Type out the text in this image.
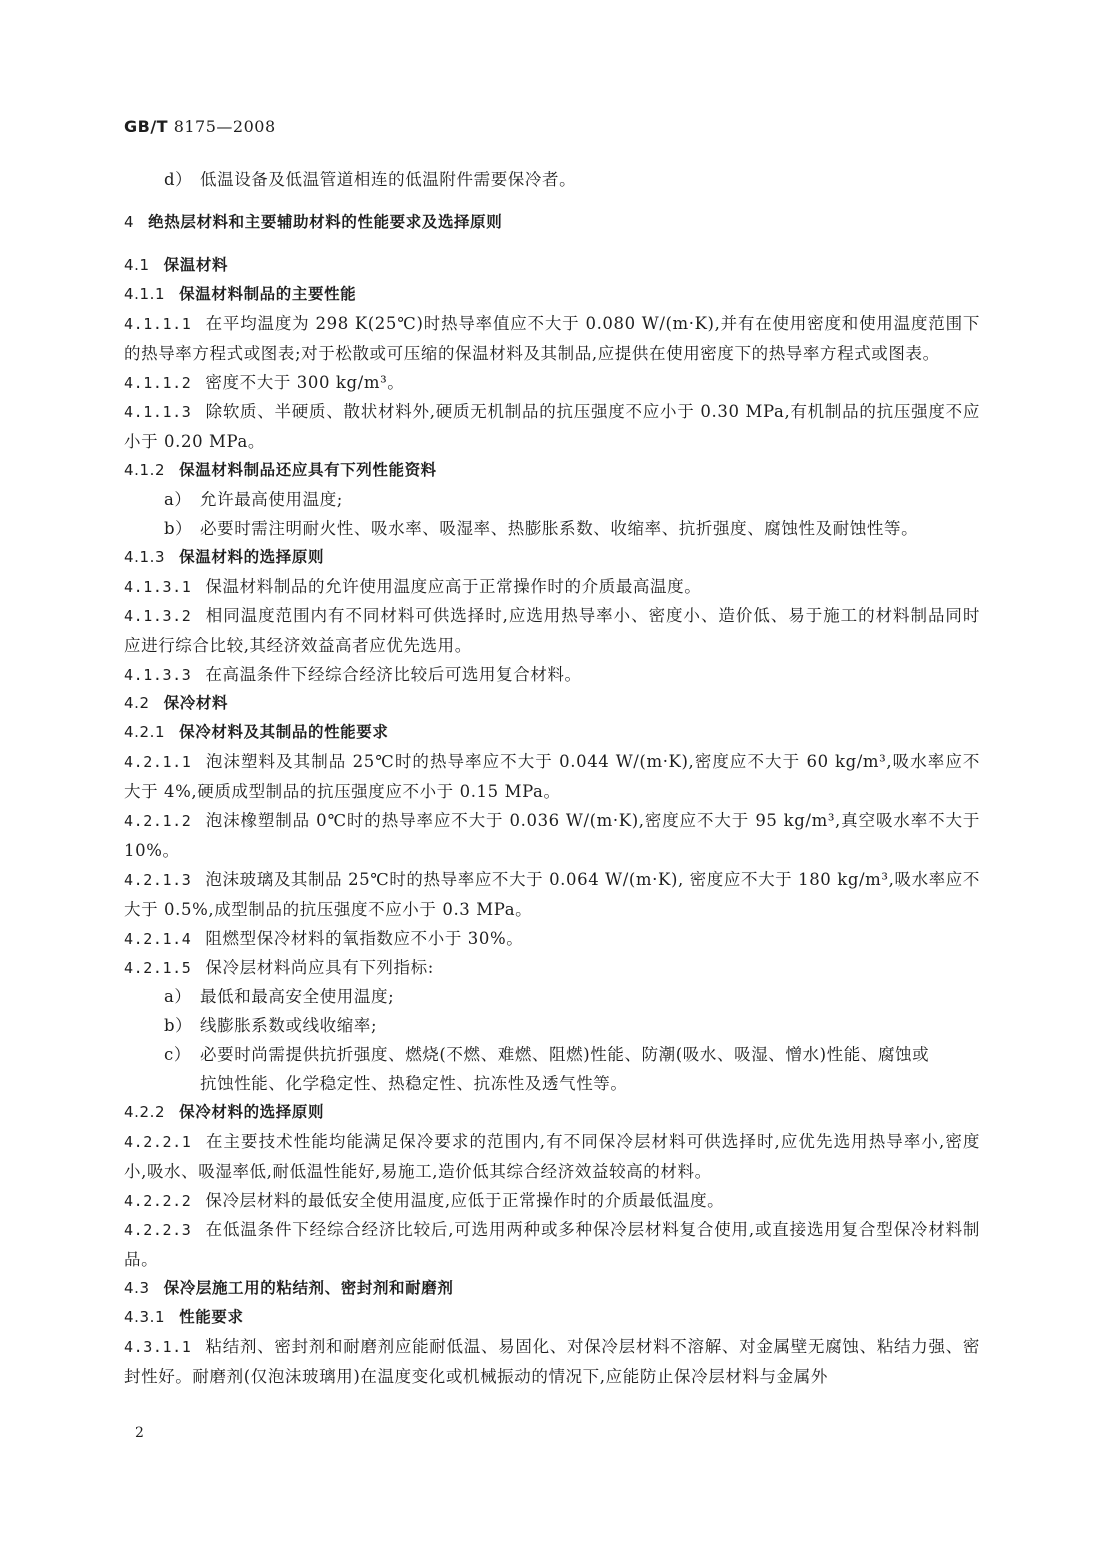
GB/T 8175—2008
d） 低温设备及低温管道相连的低温附件需要保冷者。
4 绝热层材料和主要辅助材料的性能要求及选择原则
4.1 保温材料
4.1.1 保温材料制品的主要性能
4.1.1.1 在平均温度为 298 K(25℃)时热导率值应不大于 0.080 W/(m·K),并有在使用密度和使用温度范围下的热导率方程式或图表;对于松散或可压缩的保温材料及其制品,应提供在使用密度下的热导率方程式或图表。
4.1.1.2 密度不大于 300 kg/m³。
4.1.1.3 除软质、半硬质、散状材料外,硬质无机制品的抗压强度不应小于 0.30 MPa,有机制品的抗压强度不应小于 0.20 MPa。
4.1.2 保温材料制品还应具有下列性能资料
a） 允许最高使用温度;
b） 必要时需注明耐火性、吸水率、吸湿率、热膨胀系数、收缩率、抗折强度、腐蚀性及耐蚀性等。
4.1.3 保温材料的选择原则
4.1.3.1 保温材料制品的允许使用温度应高于正常操作时的介质最高温度。
4.1.3.2 相同温度范围内有不同材料可供选择时,应选用热导率小、密度小、造价低、易于施工的材料制品同时应进行综合比较,其经济效益高者应优先选用。
4.1.3.3 在高温条件下经综合经济比较后可选用复合材料。
4.2 保冷材料
4.2.1 保冷材料及其制品的性能要求
4.2.1.1 泡沫塑料及其制品 25℃时的热导率应不大于 0.044 W/(m·K),密度应不大于 60 kg/m³,吸水率应不大于 4%,硬质成型制品的抗压强度应不小于 0.15 MPa。
4.2.1.2 泡沫橡塑制品 0℃时的热导率应不大于 0.036 W/(m·K),密度应不大于 95 kg/m³,真空吸水率不大于 10%。
4.2.1.3 泡沫玻璃及其制品 25℃时的热导率应不大于 0.064 W/(m·K), 密度应不大于 180 kg/m³,吸水率应不大于 0.5%,成型制品的抗压强度不应小于 0.3 MPa。
4.2.1.4 阻燃型保冷材料的氧指数应不小于 30%。
4.2.1.5 保冷层材料尚应具有下列指标:
a） 最低和最高安全使用温度;
b） 线膨胀系数或线收缩率;
c） 必要时尚需提供抗折强度、燃烧(不燃、难燃、阻燃)性能、防潮(吸水、吸湿、憎水)性能、腐蚀或
抗蚀性能、化学稳定性、热稳定性、抗冻性及透气性等。
4.2.2 保冷材料的选择原则
4.2.2.1 在主要技术性能均能满足保冷要求的范围内,有不同保冷层材料可供选择时,应优先选用热导率小,密度小,吸水、吸湿率低,耐低温性能好,易施工,造价低其综合经济效益较高的材料。
4.2.2.2 保冷层材料的最低安全使用温度,应低于正常操作时的介质最低温度。
4.2.2.3 在低温条件下经综合经济比较后,可选用两种或多种保冷层材料复合使用,或直接选用复合型保冷材料制品。
4.3 保冷层施工用的粘结剂、密封剂和耐磨剂
4.3.1 性能要求
4.3.1.1 粘结剂、密封剂和耐磨剂应能耐低温、易固化、对保冷层材料不溶解、对金属壁无腐蚀、粘结力强、密封性好。耐磨剂(仅泡沫玻璃用)在温度变化或机械振动的情况下,应能防止保冷层材料与金属外
2
